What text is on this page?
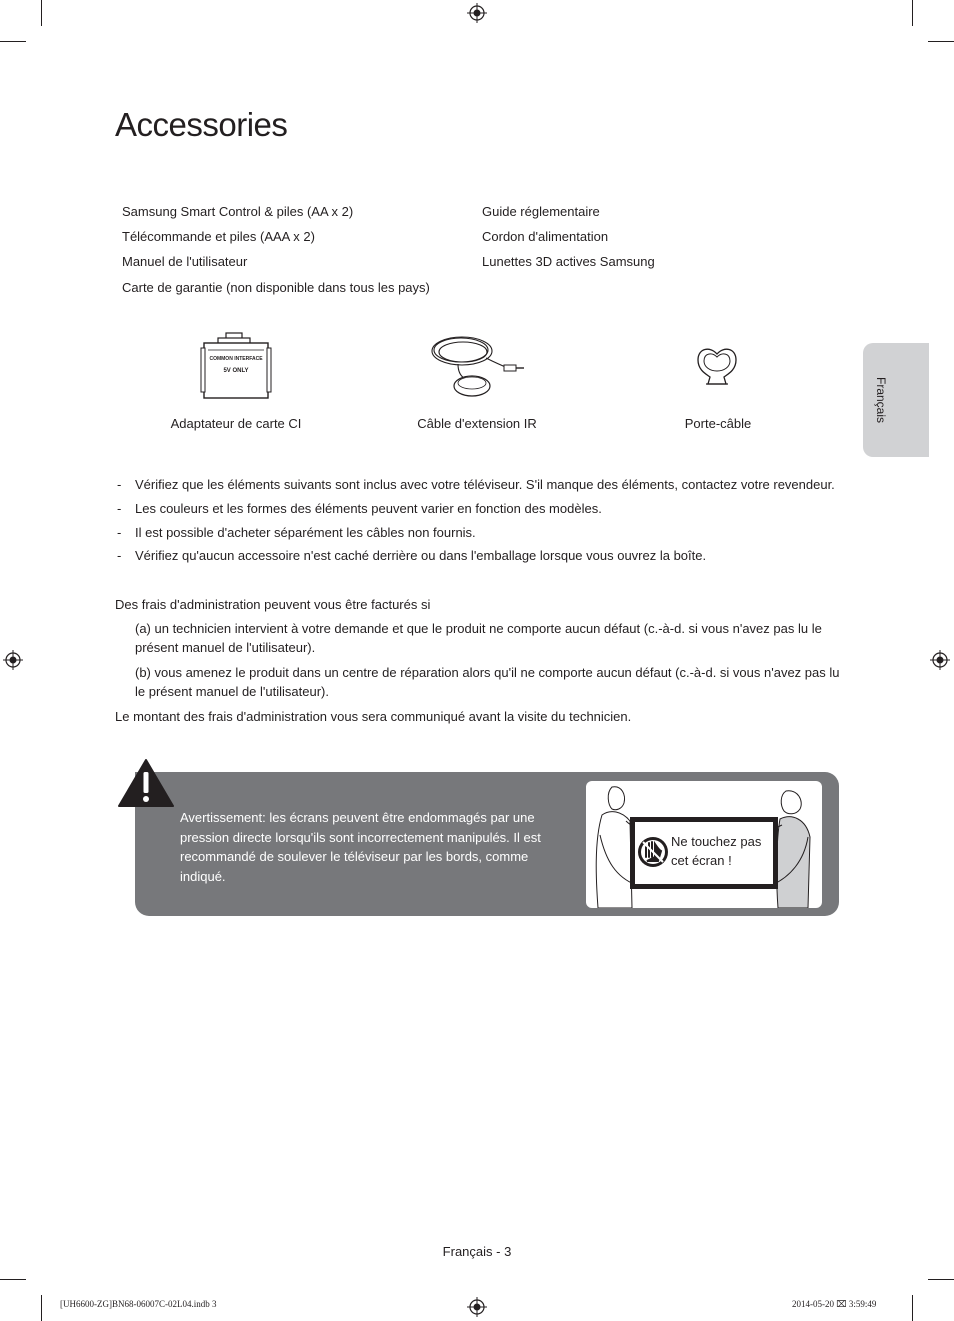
Accessories
Français
Samsung Smart Control & piles (AA x 2)
Télécommande et piles (AAA x 2)
Manuel de l'utilisateur
Carte de garantie (non disponible dans tous les pays)
Guide réglementaire
Cordon d'alimentation
Lunettes 3D actives Samsung
COMMON INTERFACE
5V ONLY
Adaptateur de carte CI	Câble d'extension IR	Porte-câble
- Vérifiez que les éléments suivants sont inclus avec votre téléviseur. S'il manque des éléments, contactez votre revendeur.
- Les couleurs et les formes des éléments peuvent varier en fonction des modèles.
- Il est possible d'acheter séparément les câbles non fournis.
- Vérifiez qu'aucun accessoire n'est caché derrière ou dans l'emballage lorsque vous ouvrez la boîte.
Des frais d'administration peuvent vous être facturés si
(a) un technicien intervient à votre demande et que le produit ne comporte aucun défaut (c.-à-d. si vous n'avez pas lu le présent manuel de l'utilisateur).
(b) vous amenez le produit dans un centre de réparation alors qu'il ne comporte aucun défaut (c.-à-d. si vous n'avez pas lu le présent manuel de l'utilisateur).
Le montant des frais d'administration vous sera communiqué avant la visite du technicien.
Avertissement: les écrans peuvent être endommagés par une pression directe lorsqu'ils sont incorrectement manipulés. Il est recommandé de soulever le téléviseur par les bords, comme indiqué.
Ne touchez pas
cet écran !
Français - 3
[UH6600-ZG]BN68-06007C-02L04.indb 3	2014-05-20 ⌧ 3:59:49
